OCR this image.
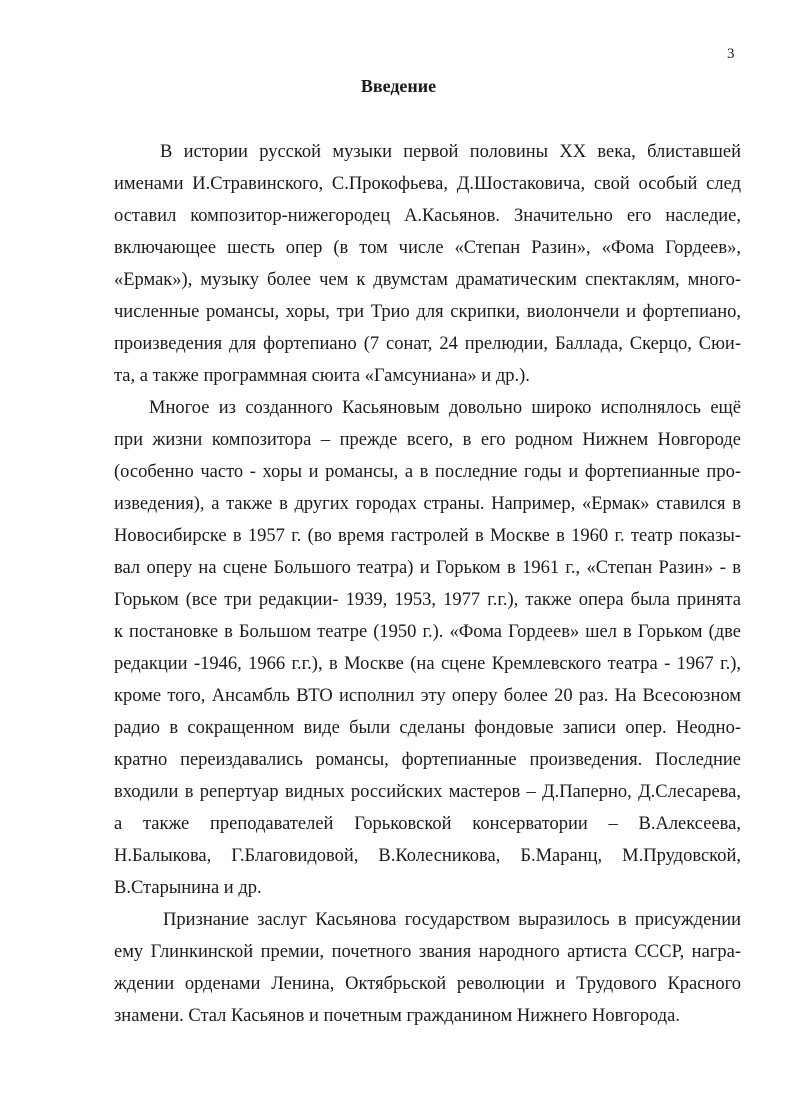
3
Введение
В истории русской музыки первой половины XX века, блиставшей
именами И.Стравинского, С.Прокофьева, Д.Шостаковича, свой особый след
оставил композитор-нижегородец А.Касьянов. Значительно его наследие,
включающее шесть опер (в том числе «Степан Разин», «Фома Гордеев»,
«Ермак»), музыку более чем к двумстам драматическим спектаклям, много-
численные романсы, хоры, три Трио для скрипки, виолончели и фортепиано,
произведения для фортепиано (7 сонат, 24 прелюдии, Баллада, Скерцо, Сюи-
та, а также программная сюита «Гамсуниана» и др.).
Многое из созданного Касьяновым довольно широко исполнялось ещё
при жизни композитора – прежде всего, в его родном Нижнем Новгороде
(особенно часто - хоры и романсы, а в последние годы и фортепианные про-
изведения), а также в других городах страны. Например, «Ермак» ставился в
Новосибирске в 1957 г. (во время гастролей в Москве в 1960 г. театр показы-
вал оперу на сцене Большого театра) и Горьком в 1961 г., «Степан Разин» - в
Горьком (все три редакции- 1939, 1953, 1977 г.г.), также опера была принята
к постановке в Большом театре (1950 г.). «Фома Гордеев» шел в Горьком (две
редакции -1946, 1966 г.г.), в Москве (на сцене Кремлевского театра - 1967 г.),
кроме того, Ансамбль ВТО исполнил эту оперу более 20 раз. На Всесоюзном
радио в сокращенном виде были сделаны фондовые записи опер. Неодно-
кратно переиздавались романсы, фортепианные произведения. Последние
входили в репертуар видных российских мастеров – Д.Паперно, Д.Слесарева,
а также преподавателей Горьковской консерватории – В.Алексеева,
Н.Балыкова, Г.Благовидовой, В.Колесникова, Б.Маранц, М.Прудовской,
В.Старынина и др.
Признание заслуг Касьянова государством выразилось в присуждении
ему Глинкинской премии, почетного звания народного артиста СССР, награ-
ждении орденами Ленина, Октябрьской революции и Трудового Красного
знамени. Стал Касьянов и почетным гражданином Нижнего Новгорода.
